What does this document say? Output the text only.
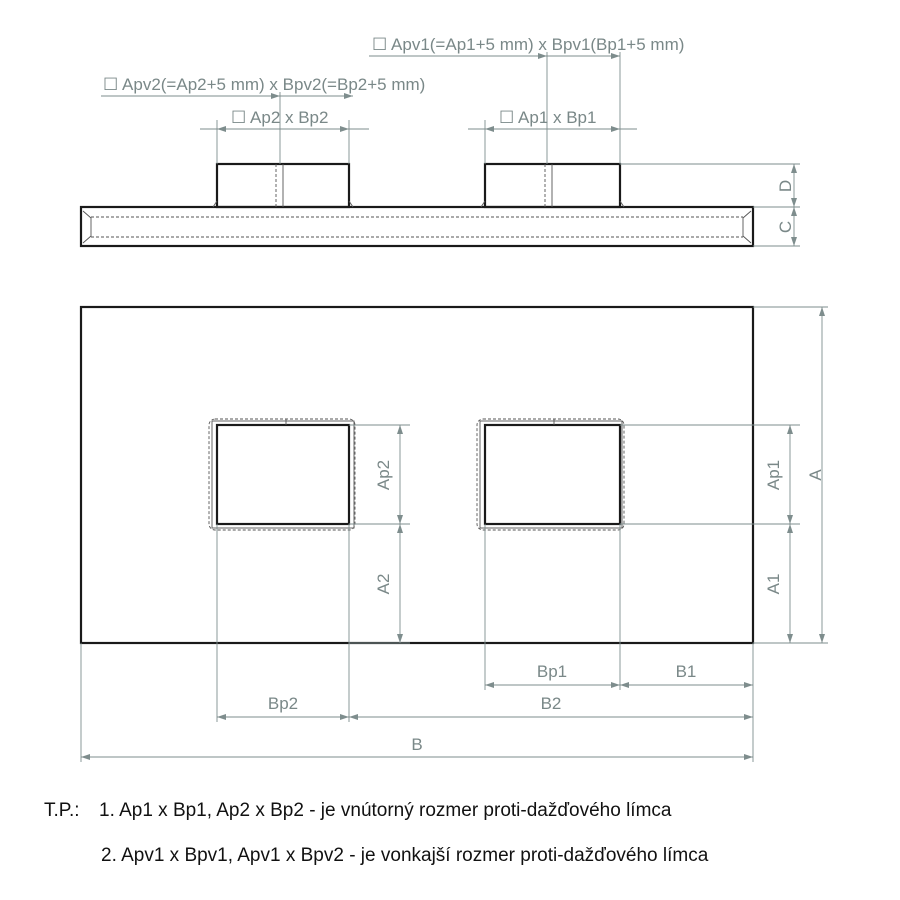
☐ Apv1(=Ap1+5 mm) x Bpv1(Bp1+5 mm)
☐ Apv2(=Ap2+5 mm) x Bpv2(=Bp2+5 mm)
☐ Ap2 x Bp2	☐ Ap1 x Bp1
D
C
A
Ap1
A1
Ap2
A2
Bp1	B1
Bp2	B2
B
T.P.: 1. Ap1 x Bp1, Ap2 x Bp2 - je vnútorný rozmer proti-dažďového límca
2. Apv1 x Bpv1, Apv1 x Bpv2 - je vonkajší rozmer proti-dažďového límca
